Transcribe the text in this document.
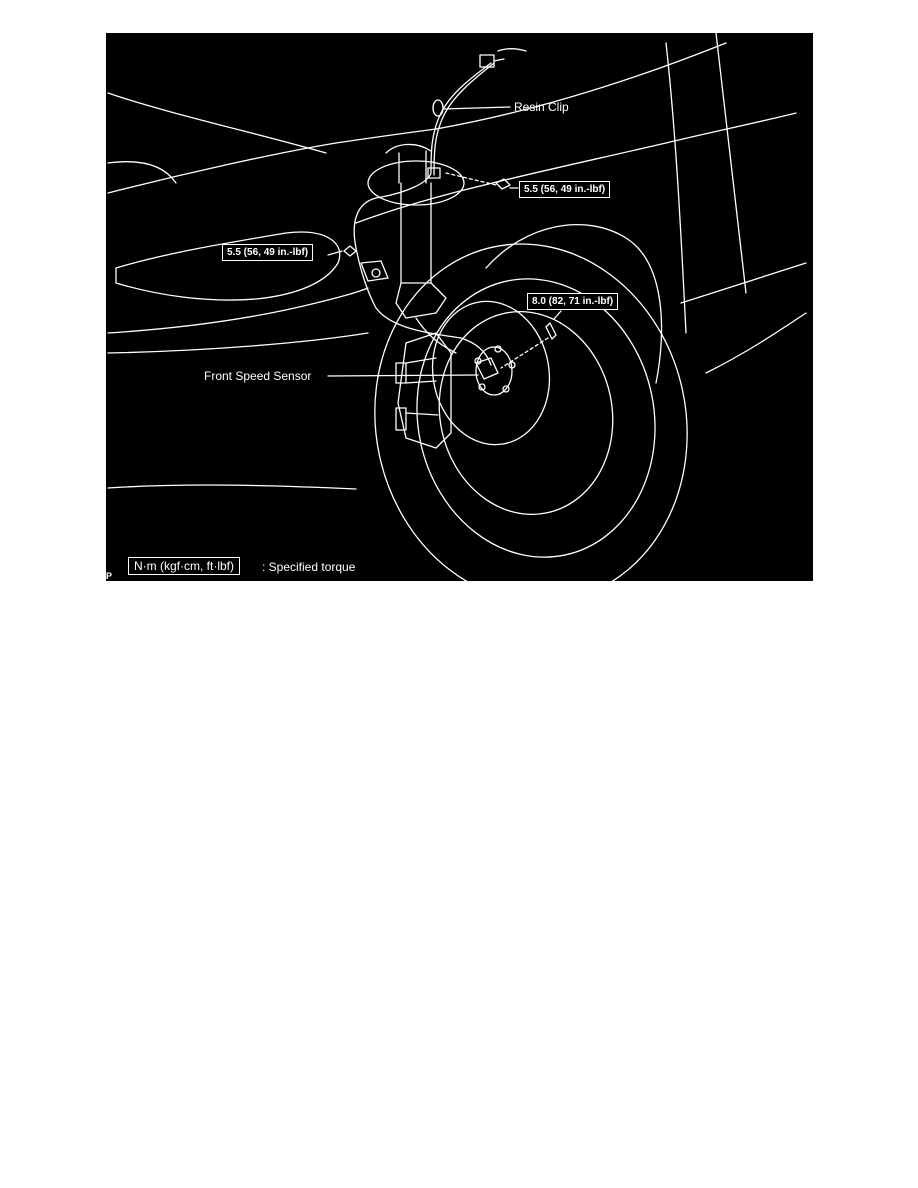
Resin Clip
5.5 (56, 49 in.-lbf)
5.5 (56, 49 in.-lbf)
8.0 (82, 71 in.-lbf)
Front Speed Sensor
N·m (kgf·cm, ft·lbf)	: Specified torque
P
